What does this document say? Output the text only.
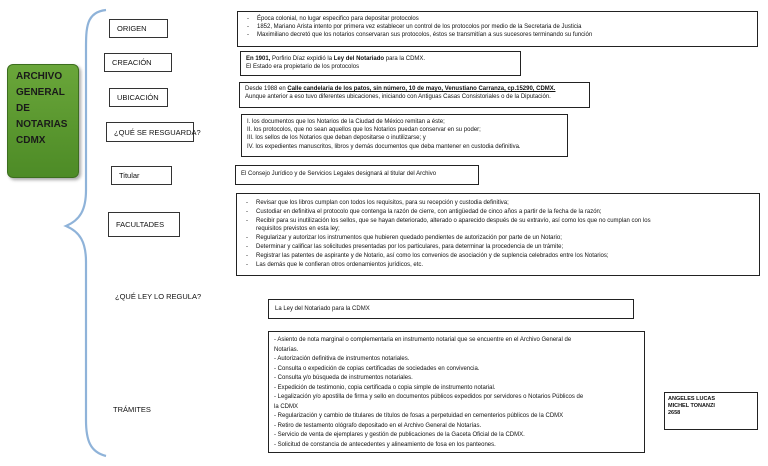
ARCHIVO
GENERAL
DE
NOTARIAS
CDMX
ORIGEN
- Época colonial, no lugar especifico para depositar protocolos
- 1852, Mariano Arista intento por primera vez establecer un control de los protocolos por medio de la Secretaria de Justicia
- Maximiliano decretó que los notarios conservaran sus protocolos, éstos se transmitían a sus sucesores terminando su función
CREACIÓN	En 1901, Porfirio Díaz expidió la Ley del Notariado para la CDMX.

El Estado era propietario de los protocolos

UBICACIÓN

Desde 1988 en Calle candelaria de los patos, sin número, 10 de mayo, Venustiano Carranza, cp.15290, CDMX.

Aunque anterior a eso tuvo diferentes ubicaciones, iniciando con Antiguas Casas Consistoriales o de la Diputación.

¿QUÉ SE RESGUARDA?

I. los documentos que los Notarios de la Ciudad de México remitan a éste;

II. los protocolos, que no sean aquellos que los Notarios puedan conservar en su poder;

III. los sellos de los Notarios que deban depositarse o inutilizarse; y

IV. los expedientes manuscritos, libros y demás documentos que deba mantener en custodia definitiva.

Titular	El Consejo Jurídico y de Servicios Legales designará al titular del Archivo

FACULTADES
- Revisar que los libros cumplan con todos los requisitos, para su recepción y custodia definitiva;
- Custodiar en definitiva el protocolo que contenga la razón de cierre, con antigüedad de cinco años a partir de la fecha de la razón;
- Recibir para su inutilización los sellos, que se hayan deteriorado, alterado o aparecido después de su extravío, así como los que no cumplan con los
requisitos previstos en esta ley;
- Regularizar y autorizar los instrumentos que hubieren quedado pendientes de autorización por parte de un Notario;
- Determinar y calificar las solicitudes presentadas por los particulares, para determinar la procedencia de un trámite;
- Registrar las patentes de aspirante y de Notario, así como los convenios de asociación y de suplencia celebrados entre los Notarios;
- Las demás que le confieran otros ordenamientos jurídicos, etc.
¿QUÉ LEY LO REGULA?

La Ley del Notariado para la CDMX

TRÁMITES

- Asiento de nota marginal o complementaria en instrumento notarial que se encuentre en el Archivo General de

Notarías.

- Autorización definitiva de instrumentos notariales.

- Consulta o expedición de copias certificadas de sociedades en convivencia.

- Consulta y/o búsqueda de instrumentos notariales.

- Expedición de testimonio, copia certificada o copia simple de instrumento notarial.

- Legalización y/o apostilla de firma y sello en documentos públicos expedidos por servidores o Notarios Públicos de

la CDMX

- Regularización y cambio de titulares de títulos de fosas a perpetuidad en cementerios públicos de la CDMX

- Retiro de testamento ológrafo depositado en el Archivo General de Notarías.

- Servicio de venta de ejemplares y gestión de publicaciones de la Gaceta Oficial de la CDMX.

- Solicitud de constancia de antecedentes y alineamiento de fosa en los panteones.

ANGELES LUCAS
MICHEL TONANZI
2658
